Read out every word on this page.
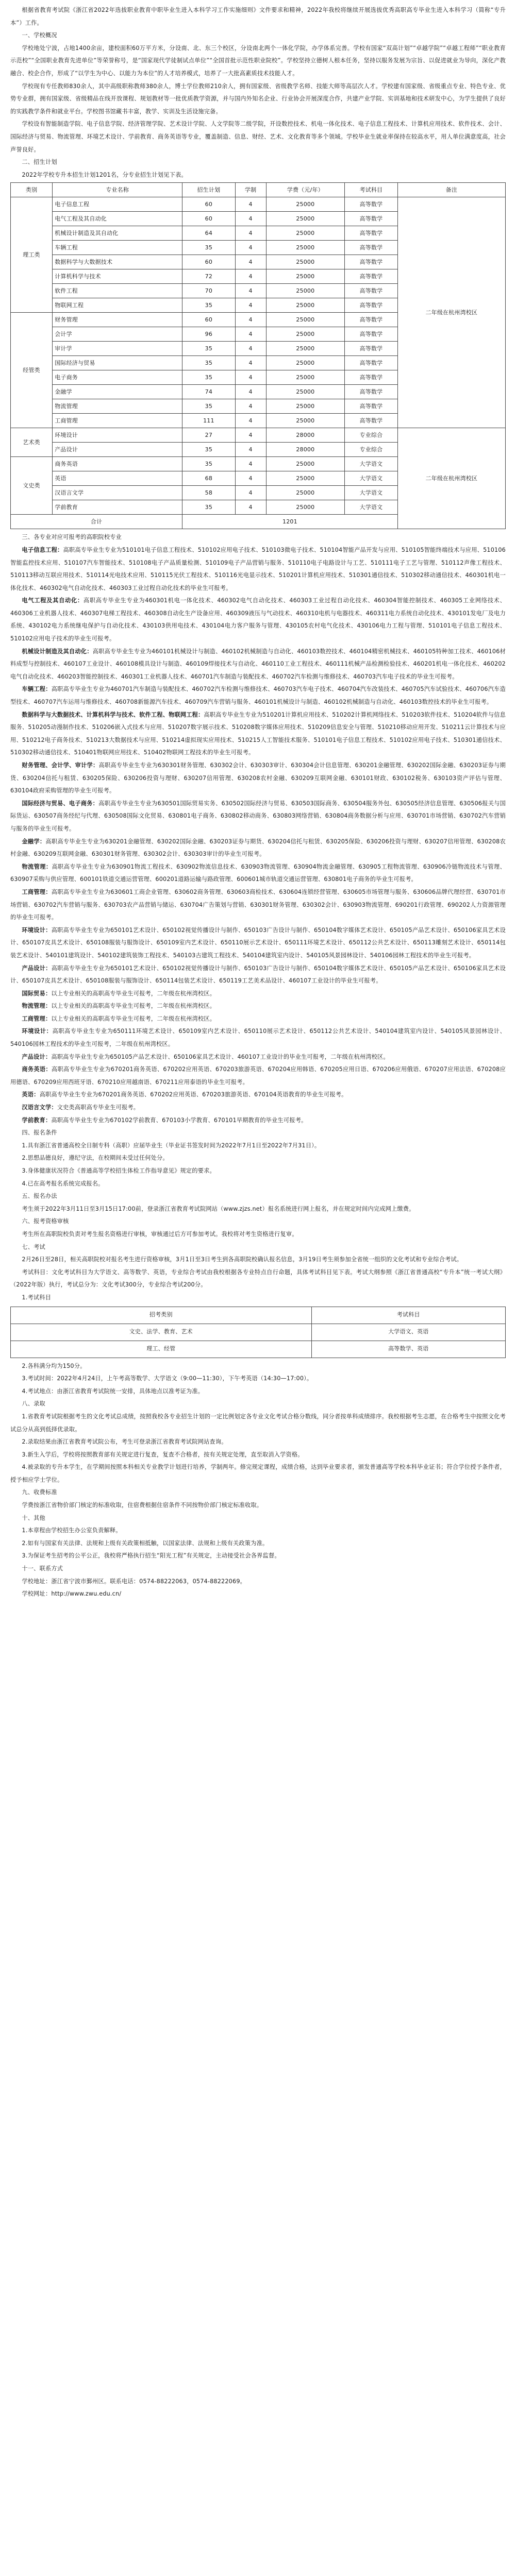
根据省教育考试院《浙江省2022年选拔职业教育中职毕业生进入本科学习工作实施细则》文件要求和精神，2022年我校将继续开展选拔优秀高职高专毕业生进入本科学习（简称“专升本”）工作。

一、学校概况

学校地处宁波，占地1400余亩，建校面积60万平方米，分设南、北、东三个校区，分设南北两个一体化学院，办学体系完善。学校有国家“双高计划”“卓越学院”“卓越工程师”“职业教育示范校”“全国职业教育先进单位”等荣誉称号，是“国家现代学徒制试点单位”“全国首批示范性职业院校”。学校坚持立德树人根本任务，坚持以服务发展为宗旨、以促进就业为导向，深化产教融合、校企合作，形成了“以学生为中心、以能力为本位”的人才培养模式，培养了一大批高素质技术技能人才。

学校现有专任教师830余人，其中高级职称教师380余人，博士学位教师210余人，拥有国家级、省级教学名师、技能大师等高层次人才。学校建有国家级、省级重点专业、特色专业、优势专业群，拥有国家级、省级精品在线开放课程、规划教材等一批优质教学资源，并与国内外知名企业、行业协会开展深度合作，共建产业学院、实训基地和技术研发中心，为学生提供了良好的实践教学条件和就业平台。学校图书馆藏书丰富，教学、实训及生活设施完备。

学校设有智能制造学院、电子信息学院、经济管理学院、艺术设计学院、人文学院等二级学院，开设数控技术、机电一体化技术、电子信息工程技术、计算机应用技术、软件技术、会计、国际经济与贸易、物流管理、环境艺术设计、学前教育、商务英语等专业，覆盖制造、信息、财经、艺术、文化教育等多个领域。学校毕业生就业率保持在较高水平，用人单位满意度高，社会声誉良好。

二、招生计划

2022年学校专升本招生计划1201名，分专业招生计划见下表。

类别	专业名称	招生计划	学制	学费（元/年）	考试科目	备注
理工类	电子信息工程	60	4	25000	高等数学	二年级在杭州湾校区
	电气工程及其自动化	60	4	25000	高等数学	
	机械设计制造及其自动化	64	4	25000	高等数学	
	车辆工程	35	4	25000	高等数学	
	数据科学与大数据技术	60	4	25000	高等数学	
	计算机科学与技术	72	4	25000	高等数学	
	软件工程	70	4	25000	高等数学	
	物联网工程	35	4	25000	高等数学	
经管类	财务管理	60	4	25000	高等数学	
	会计学	96	4	25000	高等数学	
	审计学	35	4	25000	高等数学	
	国际经济与贸易	35	4	25000	高等数学	
	电子商务	35	4	25000	高等数学	
	金融学	74	4	25000	高等数学	
	物流管理	35	4	25000	高等数学	
	工商管理	111	4	25000	高等数学	
艺术类	环境设计	27	4	28000	专业综合	二年级在杭州湾校区
	产品设计	35	4	28000	专业综合	
文史类	商务英语	35	4	25000	大学语文	
	英语	68	4	25000	大学语文	
	汉语言文学	58	4	25000	大学语文	
	学前教育	35	4	25000	大学语文	
合计		1201				

三、各专业对应可报考的高职院校专业

电子信息工程：高职高专毕业生专业为510101电子信息工程技术、510102应用电子技术、510103微电子技术、510104智能产品开发与应用、510105智能终端技术与应用、510106智能监控技术应用、510107汽车智能技术、510108电子产品质量检测、510109电子产品营销与服务、510110电子电路设计与工艺、510111电子工艺与管理、510112声像工程技术、510113移动互联应用技术、510114光电技术应用、510115光伏工程技术、510116光电显示技术、510201计算机应用技术、510301通信技术、510302移动通信技术、460301机电一体化技术、460302电气自动化技术、460303工业过程自动化技术的毕业生可报考。

电气工程及其自动化：高职高专毕业生专业为460301机电一体化技术、460302电气自动化技术、460303工业过程自动化技术、460304智能控制技术、460305工业网络技术、460306工业机器人技术、460307电梯工程技术、460308自动化生产设备应用、460309液压与气动技术、460310电机与电器技术、460311电力系统自动化技术、430101发电厂及电力系统、430102电力系统继电保护与自动化技术、430103供用电技术、430104电力客户服务与管理、430105农村电气化技术、430106电力工程与管理、510101电子信息工程技术、510102应用电子技术的毕业生可报考。

机械设计制造及其自动化：高职高专毕业生专业为460101机械设计与制造、460102机械制造与自动化、460103数控技术、460104精密机械技术、460105特种加工技术、460106材料成型与控制技术、460107工业设计、460108模具设计与制造、460109焊接技术与自动化、460110工业工程技术、460111机械产品检测检验技术、460201机电一体化技术、460202电气自动化技术、460203智能控制技术、460301工业机器人技术、460701汽车制造与装配技术、460702汽车检测与维修技术、460703汽车电子技术的毕业生可报考。

车辆工程：高职高专毕业生专业为460701汽车制造与装配技术、460702汽车检测与维修技术、460703汽车电子技术、460704汽车改装技术、460705汽车试验技术、460706汽车造型技术、460707汽车运用与维修技术、460708新能源汽车技术、460709汽车营销与服务、460101机械设计与制造、460102机械制造与自动化、460103数控技术的毕业生可报考。

数据科学与大数据技术、计算机科学与技术、软件工程、物联网工程：高职高专毕业生专业为510201计算机应用技术、510202计算机网络技术、510203软件技术、510204软件与信息服务、510205动漫制作技术、510206嵌入式技术与应用、510207数字展示技术、510208数字媒体应用技术、510209信息安全与管理、510210移动应用开发、510211云计算技术与应用、510212电子商务技术、510213大数据技术与应用、510214虚拟现实应用技术、510215人工智能技术服务、510101电子信息工程技术、510102应用电子技术、510301通信技术、510302移动通信技术、510401物联网应用技术、510402物联网工程技术的毕业生可报考。

财务管理、会计学、审计学：高职高专毕业生专业为630301财务管理、630302会计、630303审计、630304会计信息管理、630201金融管理、630202国际金融、630203证券与期货、630204信托与租赁、630205保险、630206投资与理财、630207信用管理、630208农村金融、630209互联网金融、630101财政、630102税务、630103资产评估与管理、630104政府采购管理的毕业生可报考。

国际经济与贸易、电子商务：高职高专毕业生专业为630501国际贸易实务、630502国际经济与贸易、630503国际商务、630504服务外包、630505经济信息管理、630506报关与国际货运、630507商务经纪与代理、630508国际文化贸易、630801电子商务、630802移动商务、630803网络营销、630804商务数据分析与应用、630701市场营销、630702汽车营销与服务的毕业生可报考。

金融学：高职高专毕业生专业为630201金融管理、630202国际金融、630203证券与期货、630204信托与租赁、630205保险、630206投资与理财、630207信用管理、630208农村金融、630209互联网金融、630301财务管理、630302会计、630303审计的毕业生可报考。

物流管理：高职高专毕业生专业为630901物流工程技术、630902物流信息技术、630903物流管理、630904物流金融管理、630905工程物流管理、630906冷链物流技术与管理、630907采购与供应管理、600101铁道交通运营管理、600201道路运输与路政管理、600601城市轨道交通运营管理、630801电子商务的毕业生可报考。

工商管理：高职高专毕业生专业为630601工商企业管理、630602商务管理、630603商检技术、630604连锁经营管理、630605市场管理与服务、630606品牌代理经营、630701市场营销、630702汽车营销与服务、630703农产品营销与储运、630704广告策划与营销、630301财务管理、630302会计、630903物流管理、690201行政管理、690202人力资源管理的毕业生可报考。

环境设计：高职高专毕业生专业为650101艺术设计、650102视觉传播设计与制作、650103广告设计与制作、650104数字媒体艺术设计、650105产品艺术设计、650106家具艺术设计、650107皮具艺术设计、650108服装与服饰设计、650109室内艺术设计、650110展示艺术设计、650111环境艺术设计、650112公共艺术设计、650113雕刻艺术设计、650114包装艺术设计、540101建筑设计、540102建筑装饰工程技术、540103古建筑工程技术、540104建筑室内设计、540105风景园林设计、540106园林工程技术的毕业生可报考。

产品设计：高职高专毕业生专业为650101艺术设计、650102视觉传播设计与制作、650103广告设计与制作、650104数字媒体艺术设计、650105产品艺术设计、650106家具艺术设计、650107皮具艺术设计、650108服装与服饰设计、650114包装艺术设计、650119工艺美术品设计、460107工业设计的毕业生可报考。

国际贸易：以上专业相关的高职高专毕业生可报考，二年级在杭州湾校区。

物流管理：以上专业相关的高职高专毕业生可报考，二年级在杭州湾校区。

工商管理：以上专业相关的高职高专毕业生可报考，二年级在杭州湾校区。

环境设计：高职高专毕业生专业为650111环境艺术设计、650109室内艺术设计、650110展示艺术设计、650112公共艺术设计、540104建筑室内设计、540105风景园林设计、540106园林工程技术的毕业生可报考，二年级在杭州湾校区。

产品设计：高职高专毕业生专业为650105产品艺术设计、650106家具艺术设计、460107工业设计的毕业生可报考，二年级在杭州湾校区。

商务英语：高职高专毕业生专业为670201商务英语、670202应用英语、670203旅游英语、670204应用韩语、670205应用日语、670206应用俄语、670207应用法语、670208应用德语、670209应用西班牙语、670210应用越南语、670211应用泰语的毕业生可报考。

英语：高职高专毕业生专业为670201商务英语、670202应用英语、670203旅游英语、670104英语教育的毕业生可报考。

汉语言文学：文史类高职高专毕业生可报考。

学前教育：高职高专毕业生专业为670102学前教育、670103小学教育、670101早期教育的毕业生可报考。

四、报名条件

1.具有浙江省普通高校全日制专科（高职）应届毕业生（毕业证书签发时间为2022年7月1日至2022年7月31日）。

2.思想品德良好，遵纪守法，在校期间未受过任何处分。

3.身体健康状况符合《普通高等学校招生体检工作指导意见》规定的要求。

4.已在高考报名系统完成报名。

五、报名办法

考生须于2022年3月11日至3月15日17:00前，登录浙江省教育考试院网站（www.zjzs.net）报名系统进行网上报名，并在规定时间内完成网上缴费。

六、报考资格审核

考生所在高职院校负责对考生报名资格进行审核，审核通过后方可参加考试。我校将对考生资格进行复审。

七、考试

2月26日至28日，相关高职院校对报名考生进行资格审核，3月1日至3日考生到各高职院校确认报名信息，3月19日考生须参加全省统一组织的文化考试和专业综合考试。

考试科目：文化考试科目为大学语文、高等数学、英语，专业综合考试由我校根据各专业特点自行命题，具体考试科目见下表。考试大纲参照《浙江省普通高校“专升本”统一考试大纲》（2022年版）执行，考试总分为：文化考试300分，专业综合考试200分。

1.考试科目

招考类别	考试科目
文史、法学、教育、艺术	大学语文、英语
理工、经管	高等数学、英语

2.各科满分均为150分。

3.考试时间：2022年4月24日，上午考高等数学、大学语文（9:00—11:30），下午考英语（14:30—17:00）。

4.考试地点：由浙江省教育考试院统一安排，具体地点以准考证为准。

八、录取

1.省教育考试院根据考生的文化考试总成绩，按照我校各专业招生计划的一定比例划定各专业文化考试合格分数线，同分者按单科成绩排序。我校根据考生志愿，在合格考生中按照文化考试总分从高到低择优录取。

2.录取结果由浙江省教育考试院公布，考生可登录浙江省教育考试院网站查询。

3.新生入学后，学校将按照教育部有关规定进行复查，复查不合格者，按有关规定处理，直至取消入学资格。

4.被录取的专升本学生，在学期间按照本科相关专业教学计划进行培养，学制两年。修完规定课程，成绩合格，达到毕业要求者，颁发普通高等学校本科毕业证书；符合学位授予条件者，授予相应学士学位。

九、收费标准

学费按浙江省物价部门核定的标准收取，住宿费根据住宿条件不同按物价部门核定标准收取。

十、其他

1.本章程由学校招生办公室负责解释。

2.如有与国家有关法律、法规和上级有关政策相抵触，以国家法律、法规和上级有关政策为准。

3.为保证考生招考的公平公正，我校将严格执行招生“阳光工程”有关规定，主动接受社会各界监督。

十一、联系方式

学校地址：浙江省宁波市鄞州区。联系电话：0574-88222063，0574-88222069。

学校网址：http://www.zwu.edu.cn/
